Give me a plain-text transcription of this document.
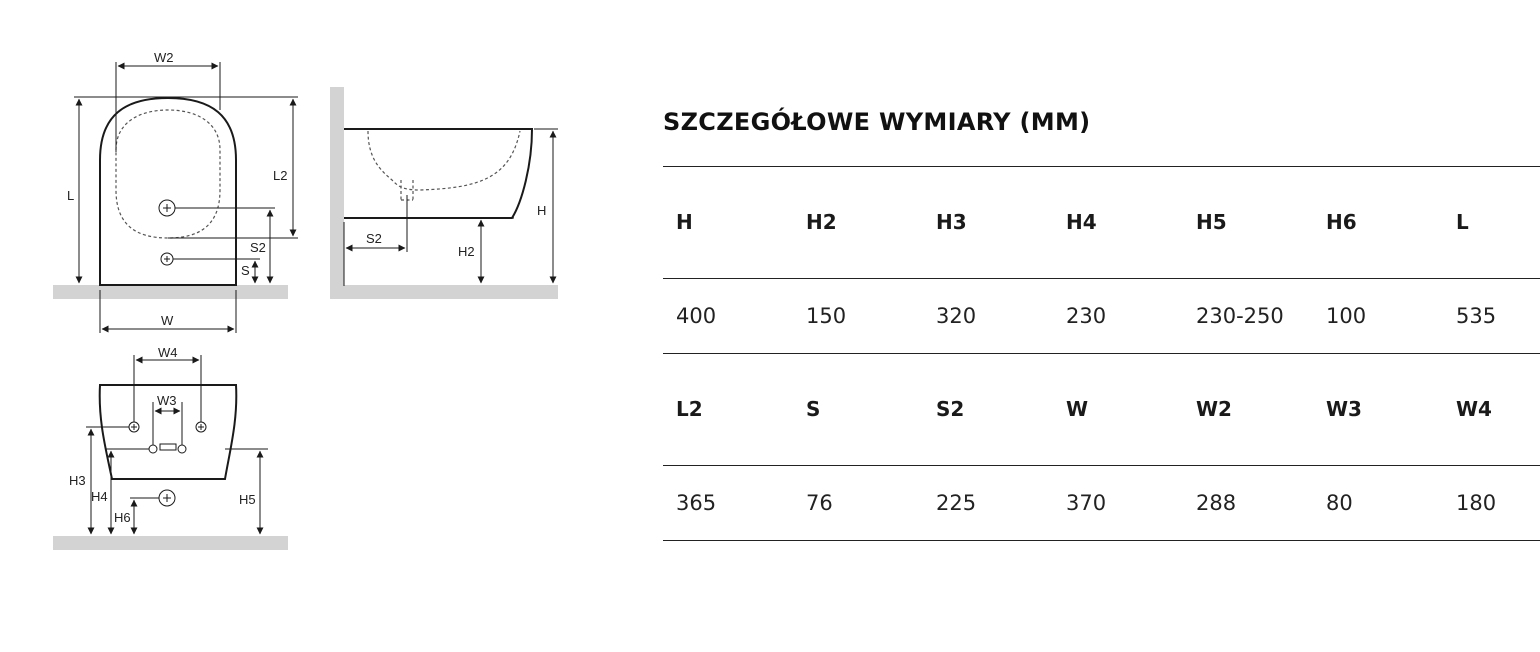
W2
L
L2
S2
S
W
S2
H2
H
W4
W3
H3
H4
H6
H5
SZCZEGÓŁOWE WYMIARY (MM)
H	H2	H3	H4	H5	H6	L
400	150	320	230	230-250	100	535
L2	S	S2	W	W2	W3	W4
365	76	225	370	288	80	180
